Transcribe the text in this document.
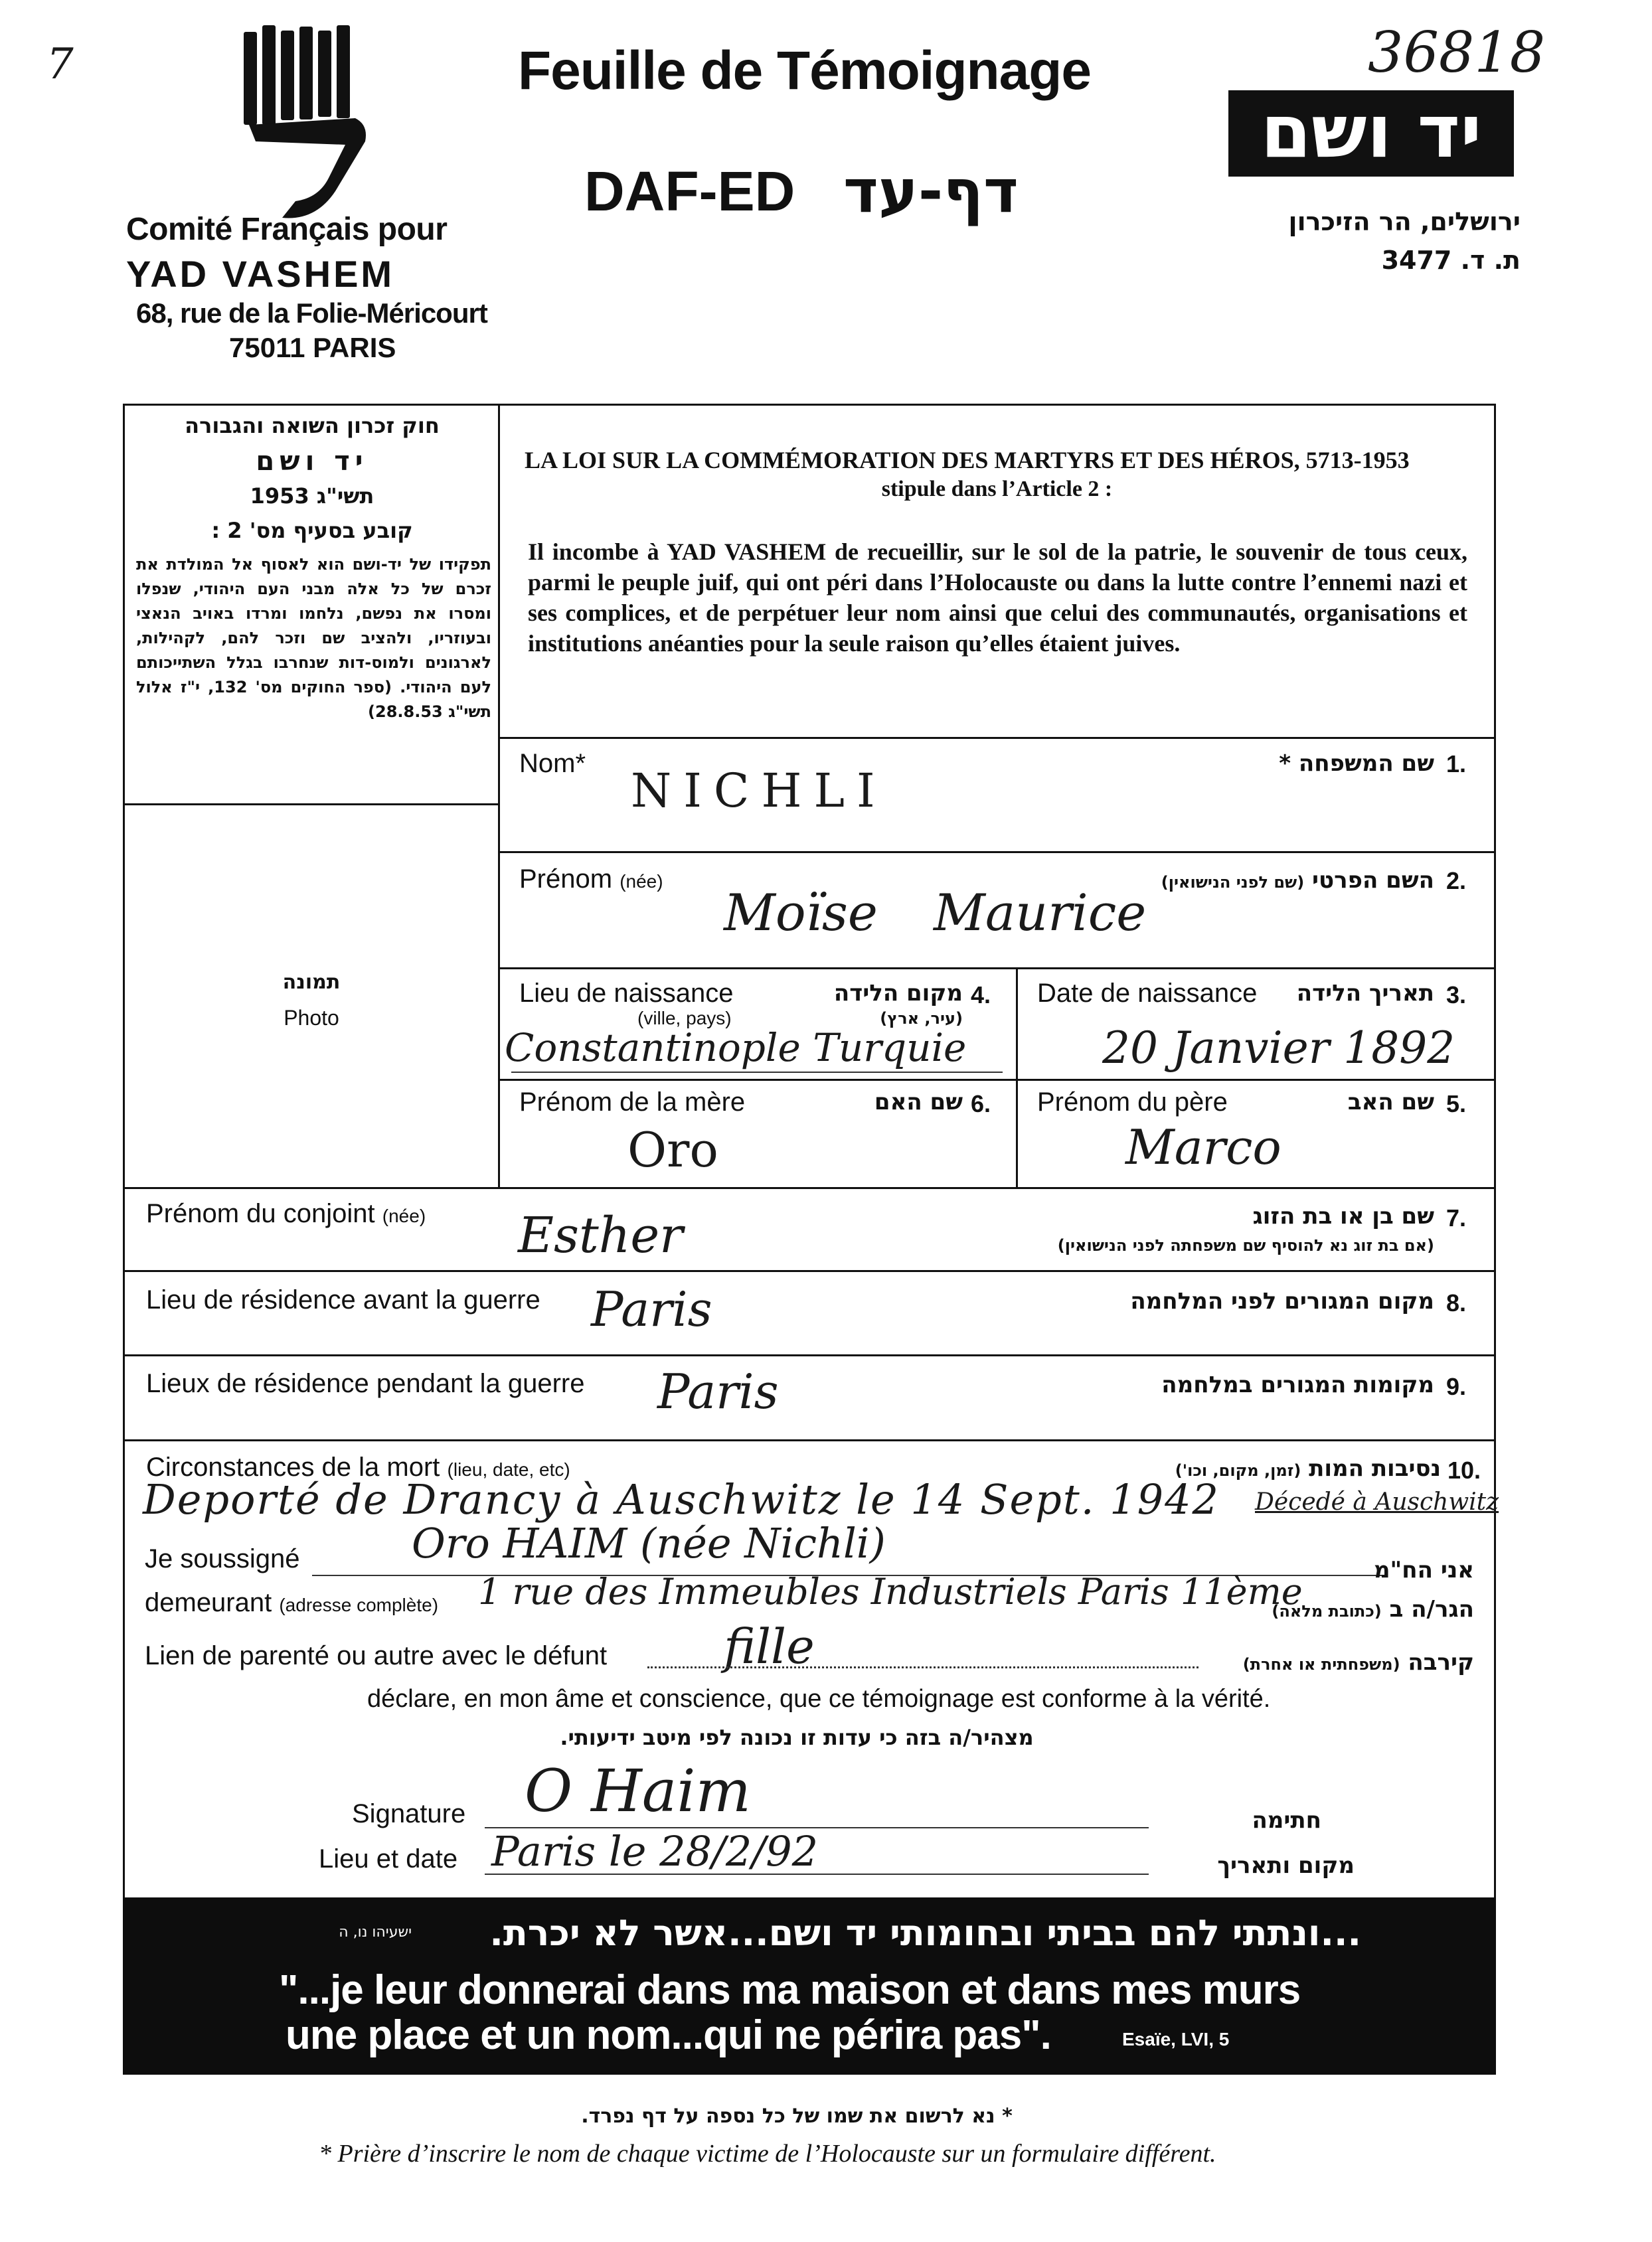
7	36818
Comité Français pour
YAD VASHEM
68, rue de la Folie-Méricourt
75011 PARIS
Feuille de Témoignage
DAF-ED דף-עד
יד ושם
ירושלים, הר הזיכרון
ת. ד. 3477
חוק זכרון השואה והגבורה
יד ושם
תשי"ג 1953
קובע בסעיף מס' 2 :
תפקידו של יד-ושם הוא לאסוף אל המולדת את זכרם של כל אלה מבני העם היהודי, שנפלו ומסרו את נפשם, נלחמו ומרדו באויב הנאצי ובעוזריו, ולהציב שם וזכר להם, לקהילות, לארגונים ולמוס-דות שנחרבו בגלל השתייכותם לעם היהודי. (ספר החוקים מס' 132, י"ז אלול תשי"ג 28.8.53)
תמונה
Photo
LA LOI SUR LA COMMÉMORATION DES MARTYRS ET DES HÉROS, 5713-1953
stipule dans l’Article 2 :
Il incombe à YAD VASHEM de recueillir, sur le sol de la patrie, le souvenir de tous ceux, parmi le peuple juif, qui ont péri dans l’Holocauste ou dans la lutte contre l’ennemi nazi et ses complices, et de perpétuer leur nom ainsi que celui des communautés, organisations et institutions anéanties pour la seule raison qu’elles étaient juives.
Nom*	שם המשפחה * 1.
NICHLI
Prénom (née)	השם הפרטי (שם לפני הנישואין)	2.
Moïse Maurice
Lieu de naissance
(ville, pays)
מקום הלידה
(עיר, ארץ)
4.
Constantinople Turquie
Date de naissance	תאריך הלידה 3.
20 Janvier 1892
Prénom de la mère	שם האם 6.
Oro
Prénom du père	שם האב 5.
Marco
Prénom du conjoint (née)	שם בן או בת הזוג
(אם בת זוג נא להוסיף שם משפחתה לפני הנישואין)
7.
Esther
Lieu de résidence avant la guerre	מקום המגורים לפני המלחמה 8.
Paris
Lieux de résidence pendant la guerre	מקומות המגורים במלחמה 9.
Paris
Circonstances de la mort (lieu, date, etc)	נסיבות המות (זמן, מקום, וכו')	10.
Deporté de Drancy à Auschwitz le 14 Sept. 1942 Décedé à Auschwitz
Je soussigné	Oro HAIM (née Nichli)
אני הח"מ
demeurant (adresse complète) 1 rue des Immeubles Industriels Paris 11ème	הגר/ה ב (כתובת מלאה)
Lien de parenté ou autre avec le défunt fille	קירבה (משפחתית או אחרת)
déclare, en mon âme et conscience, que ce témoignage est conforme à la vérité.
מצהיר/ה בזה כי עדות זו נכונה לפי מיטב ידיעותי.
Signature O Haim	חתימה
Lieu et date Paris le 28/2/92	מקום ותאריך
...ונתתי להם בביתי ובחומותי יד ושם...אשר לא יכרת.
ישעיהו נו, ה
"...je leur donnerai dans ma maison et dans mes murs
une place et un nom...qui ne périra pas".	Esaïe, LVI, 5
* נא לרשום את שמו של כל נספה על דף נפרד.
* Prière d’inscrire le nom de chaque victime de l’Holocauste sur un formulaire différent.
